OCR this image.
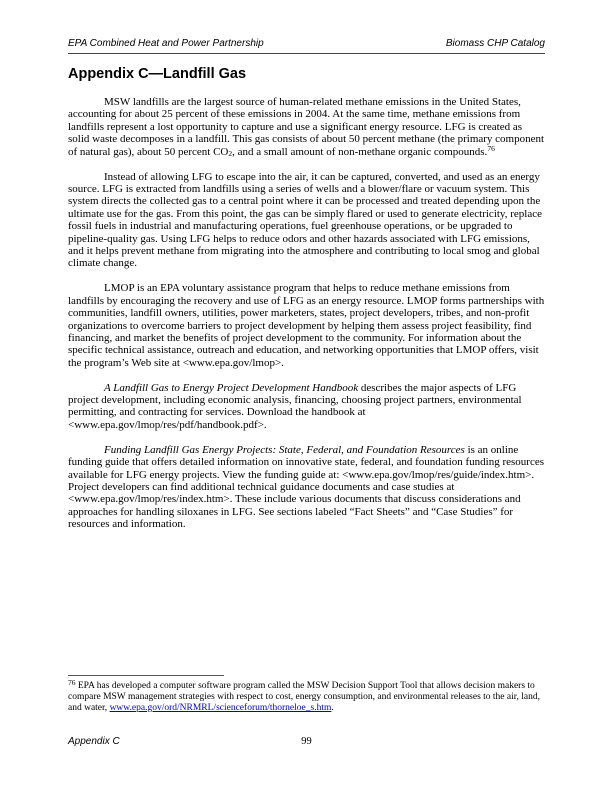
EPA Combined Heat and Power Partnership	Biomass CHP Catalog
Appendix C—Landfill Gas

MSW landfills are the largest source of human-related methane emissions in the United States, accounting for about 25 percent of these emissions in 2004. At the same time, methane emissions from landfills represent a lost opportunity to capture and use a significant energy resource. LFG is created as solid waste decomposes in a landfill. This gas consists of about 50 percent methane (the primary component of natural gas), about 50 percent CO2, and a small amount of non-methane organic compounds.$^{76}$

Instead of allowing LFG to escape into the air, it can be captured, converted, and used as an energy source. LFG is extracted from landfills using a series of wells and a blower/flare or vacuum system. This system directs the collected gas to a central point where it can be processed and treated depending upon the ultimate use for the gas. From this point, the gas can be simply flared or used to generate electricity, replace fossil fuels in industrial and manufacturing operations, fuel greenhouse operations, or be upgraded to pipeline-quality gas. Using LFG helps to reduce odors and other hazards associated with LFG emissions, and it helps prevent methane from migrating into the atmosphere and contributing to local smog and global climate change.

LMOP is an EPA voluntary assistance program that helps to reduce methane emissions from landfills by encouraging the recovery and use of LFG as an energy resource. LMOP forms partnerships with communities, landfill owners, utilities, power marketers, states, project developers, tribes, and non-profit organizations to overcome barriers to project development by helping them assess project feasibility, find financing, and market the benefits of project development to the community. For information about the specific technical assistance, outreach and education, and networking opportunities that LMOP offers, visit the program’s Web site at <www.epa.gov/lmop>.

A Landfill Gas to Energy Project Development Handbook describes the major aspects of LFG project development, including economic analysis, financing, choosing project partners, environmental permitting, and contracting for services. Download the handbook at <www.epa.gov/lmop/res/pdf/handbook.pdf>.

Funding Landfill Gas Energy Projects: State, Federal, and Foundation Resources is an online funding guide that offers detailed information on innovative state, federal, and foundation funding resources available for LFG energy projects. View the funding guide at: <www.epa.gov/lmop/res/guide/index.htm>. Project developers can find additional technical guidance documents and case studies at <www.epa.gov/lmop/res/index.htm>. These include various documents that discuss considerations and approaches for handling siloxanes in LFG. See sections labeled “Fact Sheets” and “Case Studies” for resources and information.

$^{76}$ EPA has developed a computer software program called the MSW Decision Support Tool that allows decision makers to compare MSW management strategies with respect to cost, energy consumption, and environmental releases to the air, land, and water, www.epa.gov/ord/NRMRL/scienceforum/thorneloe_s.htm.
Appendix C	99
